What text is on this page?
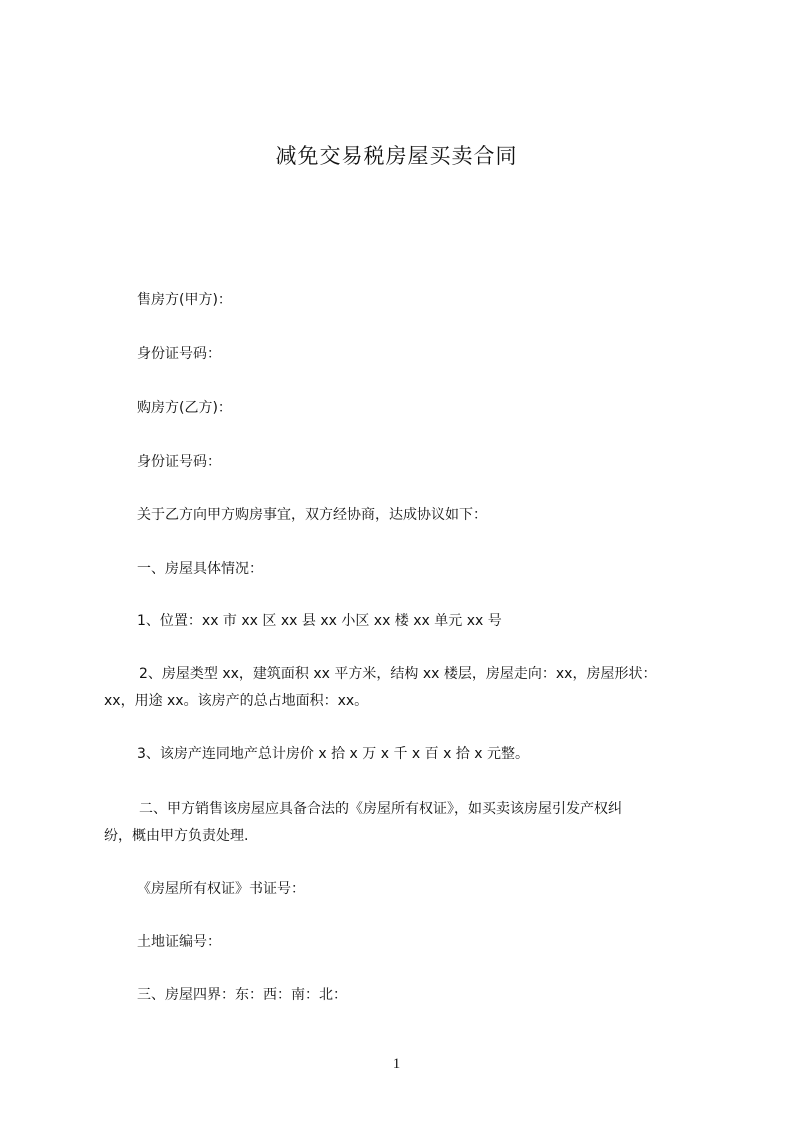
减免交易税房屋买卖合同
售房方(甲方)：
身份证号码：
购房方(乙方)：
身份证号码：
关于乙方向甲方购房事宜，双方经协商，达成协议如下：
一、房屋具体情况：
1、位置：xx 市 xx 区 xx 县 xx 小区 xx 楼 xx 单元 xx 号
2、房屋类型 xx，建筑面积 xx 平方米，结构 xx 楼层，房屋走向：xx，房屋形状：
xx，用途 xx。该房产的总占地面积：xx。
3、该房产连同地产总计房价 x 拾 x 万 x 千 x 百 x 拾 x 元整。
二、甲方销售该房屋应具备合法的《房屋所有权证》，如买卖该房屋引发产权纠
纷，概由甲方负责处理.
《房屋所有权证》书证号：
土地证编号：
三、房屋四界：东：西：南：北：
1
